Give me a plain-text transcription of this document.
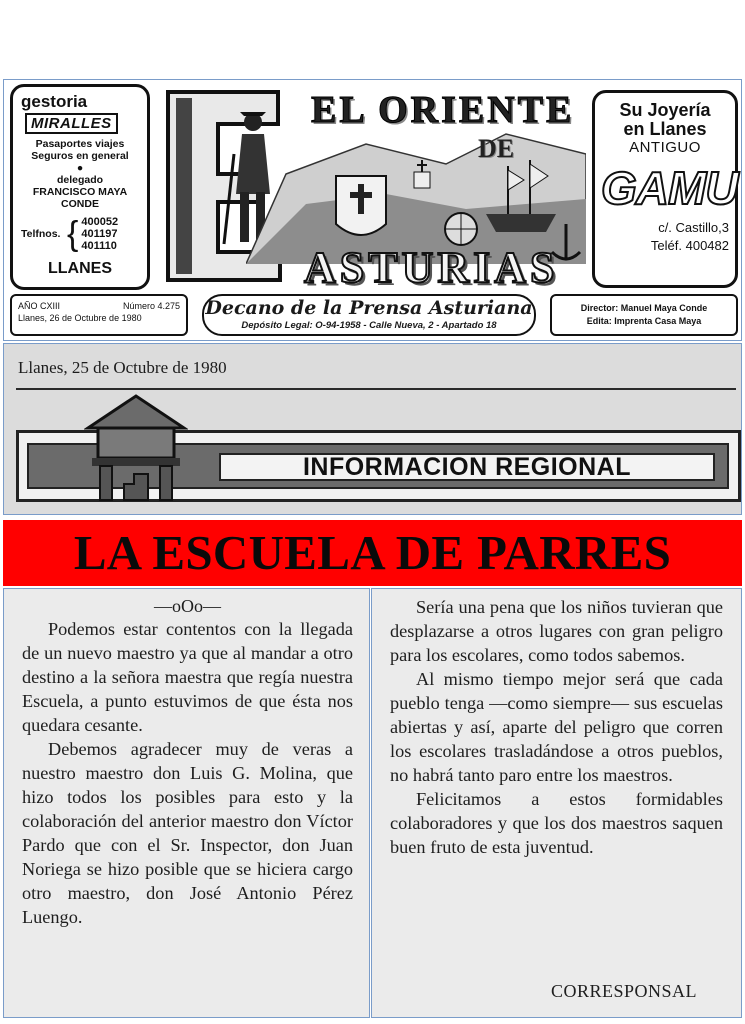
gestoria
MIRALLES
Pasaportes viajes
Seguros en general
●
delegado
FRANCISCO MAYA
CONDE
Telfnos. { 400052
401197
401110
LLANES
EL ORIENTE
DE
ASTURIAS
Su Joyería
en Llanes
ANTIGUO
GAMU
c/. Castillo,3
Teléf. 400482
AÑO CXIII	Número 4.275
Llanes, 26 de Octubre de 1980	Decano de la Prensa Asturiana
Depósito Legal: O-94-1958 - Calle Nueva, 2 - Apartado 18
Director: Manuel Maya Conde
Edita: Imprenta Casa Maya
Llanes, 25 de Octubre de 1980
INFORMACION REGIONAL
LA ESCUELA DE PARRES

—oOo—

Podemos estar contentos con la llegada de un nuevo maestro ya que al mandar a otro destino a la señora maestra que regía nuestra Escuela, a punto estuvimos de que ésta nos quedara cesante.

Debemos agradecer muy de veras a nuestro maestro don Luis G. Molina, que hizo todos los posibles para esto y la colaboración del anterior maestro don Víctor Pardo que con el Sr. Inspector, don Juan Noriega se hizo posible que se hiciera cargo otro maestro, don José Antonio Pérez Luengo.

Sería una pena que los niños tuvieran que desplazarse a otros lugares con gran peligro para los escolares, como todos sabemos.

Al mismo tiempo mejor será que cada pueblo tenga —como siempre— sus escuelas abiertas y así, aparte del peligro que corren los escolares trasladándose a otros pueblos, no habrá tanto paro entre los maestros.

Felicitamos a estos formidables colaboradores y que los dos maestros saquen buen fruto de esta juventud.

CORRESPONSAL
